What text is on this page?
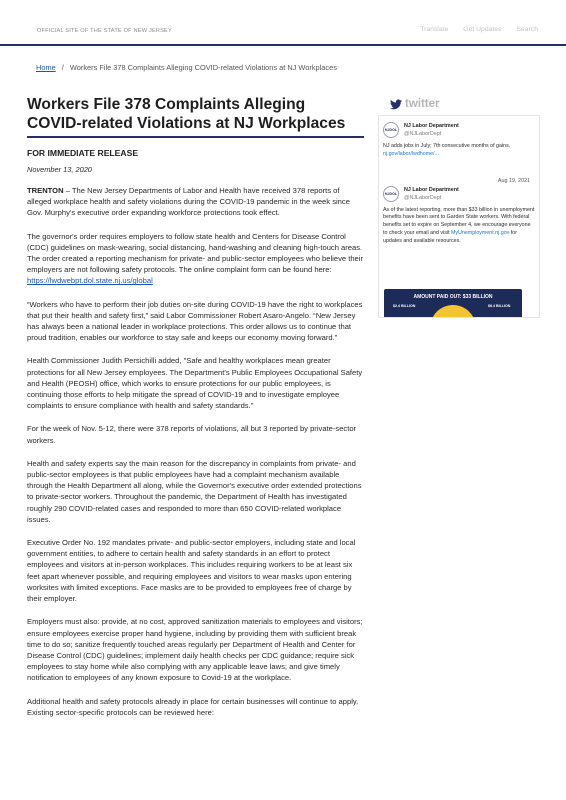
OFFICIAL SITE OF THE STATE OF NEW JERSEY	Translate Get Updates Search
Home / Workers File 378 Complaints Alleging COVID-related Violations at NJ Workplaces
Workers File 378 Complaints Alleging COVID-related Violations at NJ Workplaces
FOR IMMEDIATE RELEASE
November 13, 2020

TRENTON – The New Jersey Departments of Labor and Health have received 378 reports of alleged workplace health and safety violations during the COVID-19 pandemic in the week since Gov. Murphy's executive order expanding workforce protections took effect.

The governor's order requires employers to follow state health and Centers for Disease Control (CDC) guidelines on mask-wearing, social distancing, hand-washing and cleaning high-touch areas. The order created a reporting mechanism for private- and public-sector employees who believe their employers are not following safety protocols. The online complaint form can be found here: https://lwdwebpt.dol.state.nj.us/global

“Workers who have to perform their job duties on-site during COVID-19 have the right to workplaces that put their health and safety first,” said Labor Commissioner Robert Asaro-Angelo. “New Jersey has always been a national leader in workplace protections. This order allows us to continue that proud tradition, enables our workforce to stay safe and keeps our economy moving forward.”

Health Commissioner Judith Persichilli added, "Safe and healthy workplaces mean greater protections for all New Jersey employees. The Department's Public Employees Occupational Safety and Health (PEOSH) office, which works to ensure protections for our public employees, is continuing those efforts to help mitigate the spread of COVID-19 and to investigate employee complaints to ensure compliance with health and safety standards."

For the week of Nov. 5-12, there were 378 reports of violations, all but 3 reported by private-sector workers.

Health and safety experts say the main reason for the discrepancy in complaints from private- and public-sector employees is that public employees have had a complaint mechanism available through the Health Department all along, while the Governor's executive order extended protections to private-sector workers. Throughout the pandemic, the Department of Health has investigated roughly 290 COVID-related cases and responded to more than 650 COVID-related workplace issues.

Executive Order No. 192 mandates private- and public-sector employers, including state and local government entities, to adhere to certain health and safety standards in an effort to protect employees and visitors at in-person workplaces. This includes requiring workers to be at least six feet apart whenever possible, and requiring employees and visitors to wear masks upon entering worksites with limited exceptions. Face masks are to be provided to employees free of charge by their employer.

Employers must also: provide, at no cost, approved sanitization materials to employees and visitors; ensure employees exercise proper hand hygiene, including by providing them with sufficient break time to do so; sanitize frequently touched areas regularly per Department of Health and Center for Disease Control (CDC) guidelines; implement daily health checks per CDC guidance; require sick employees to stay home while also complying with any applicable leave laws; and give timely notification to employees of any known exposure to Covid-19 at the workplace.

Additional health and safety protocols already in place for certain businesses will continue to apply. Existing sector-specific protocols can be reviewed here:

twitter
NJDOL
NJ Labor Department
@NJLaborDept
NJ adds jobs in July; 7th consecutive months of gains. nj.gov/labor/lwdhome/...
Aug 19, 2021
NJDOL
NJ Labor Department
@NJLaborDept
As of the latest reporting, more than $33 billion in unemployment benefits have been sent to Garden State workers. With federal benefits set to expire on September 4, we encourage everyone to check your email and visit MyUnemployment.nj.gov for updates and available resources.
AMOUNT PAID OUT: $33 BILLION
$2.4 BILLION	$8.4 BILLION
